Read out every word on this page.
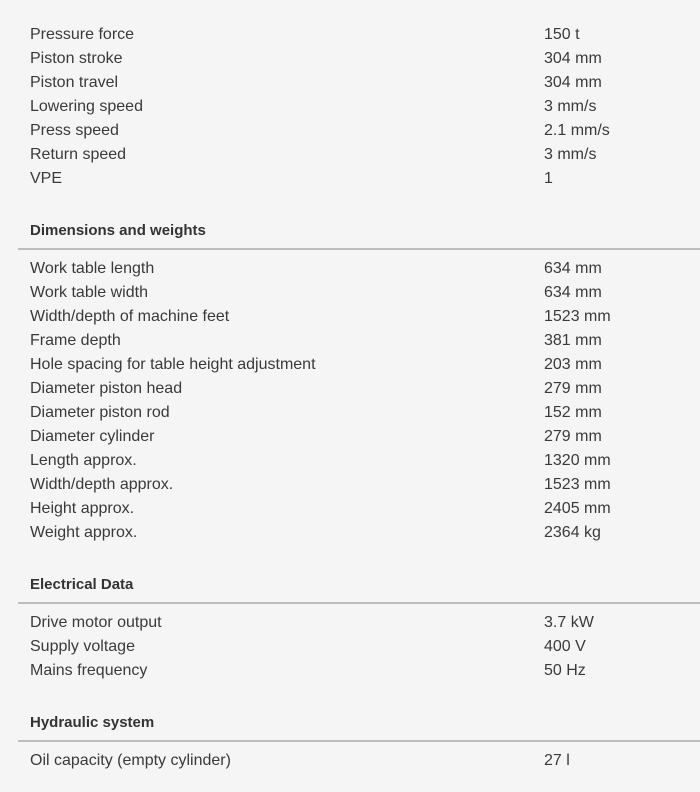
Pressure force	150 t
Piston stroke	304 mm
Piston travel	304 mm
Lowering speed	3 mm/s
Press speed	2.1 mm/s
Return speed	3 mm/s
VPE	1
Dimensions and weights
Work table length	634 mm
Work table width	634 mm
Width/depth of machine feet	1523 mm
Frame depth	381 mm
Hole spacing for table height adjustment	203 mm
Diameter piston head	279 mm
Diameter piston rod	152 mm
Diameter cylinder	279 mm
Length approx.	1320 mm
Width/depth approx.	1523 mm
Height approx.	2405 mm
Weight approx.	2364 kg
Electrical Data
Drive motor output	3.7 kW
Supply voltage	400 V
Mains frequency	50 Hz
Hydraulic system
Oil capacity (empty cylinder)	27 l
